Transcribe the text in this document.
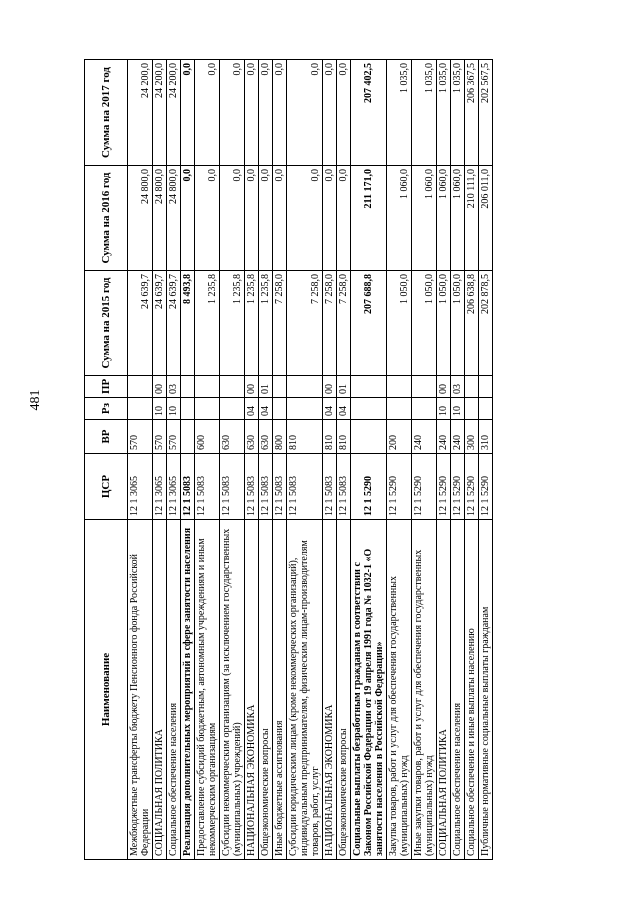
481
Наименование	ЦСР	ВР	Рз	ПР	Сумма на 2015 год	Сумма на 2016 год	Сумма на 2017 год
Межбюджетные трансферты бюджету Пенсионного фонда Российской Федерации	12 1 3065	570			24 639,7	24 800,0	24 200,0
СОЦИАЛЬНАЯ ПОЛИТИКА	12 1 3065	570	10	00	24 639,7	24 800,0	24 200,0
Социальное обеспечение населения	12 1 3065	570	10	03	24 639,7	24 800,0	24 200,0
Реализация дополнительных мероприятий в сфере занятости населения	12 1 5083				8 493,8	0,0	0,0
Предоставление субсидий бюджетным, автономным учреждениям и иным некоммерческим организациям	12 1 5083	600			1 235,8	0,0	0,0
Субсидии некоммерческим организациям (за исключением государственных (муниципальных) учреждений)	12 1 5083	630			1 235,8	0,0	0,0
НАЦИОНАЛЬНАЯ ЭКОНОМИКА	12 1 5083	630	04	00	1 235,8	0,0	0,0
Общеэкономические вопросы	12 1 5083	630	04	01	1 235,8	0,0	0,0
Иные бюджетные ассигнования	12 1 5083	800			7 258,0	0,0	0,0
Субсидии юридическим лицам (кроме некоммерческих организаций), индивидуальным предпринимателям, физическим лицам-производителям товаров, работ, услуг	12 1 5083	810			7 258,0	0,0	0,0
НАЦИОНАЛЬНАЯ ЭКОНОМИКА	12 1 5083	810	04	00	7 258,0	0,0	0,0
Общеэкономические вопросы	12 1 5083	810	04	01	7 258,0	0,0	0,0
Социальные выплаты безработным гражданам в соответствии с Законом Российской Федерации от 19 апреля 1991 года № 1032-1 «О занятости населения в Российской Федерации»	12 1 5290				207 688,8	211 171,0	207 402,5
Закупка товаров, работ и услуг для обеспечения государственных (муниципальных) нужд	12 1 5290	200			1 050,0	1 060,0	1 035,0
Иные закупки товаров, работ и услуг для обеспечения государственных (муниципальных) нужд	12 1 5290	240			1 050,0	1 060,0	1 035,0
СОЦИАЛЬНАЯ ПОЛИТИКА	12 1 5290	240	10	00	1 050,0	1 060,0	1 035,0
Социальное обеспечение населения	12 1 5290	240	10	03	1 050,0	1 060,0	1 035,0
Социальное обеспечение и иные выплаты населению	12 1 5290	300			206 638,8	210 111,0	206 367,5
Публичные нормативные социальные выплаты гражданам	12 1 5290	310			202 878,5	206 011,0	202 567,5
